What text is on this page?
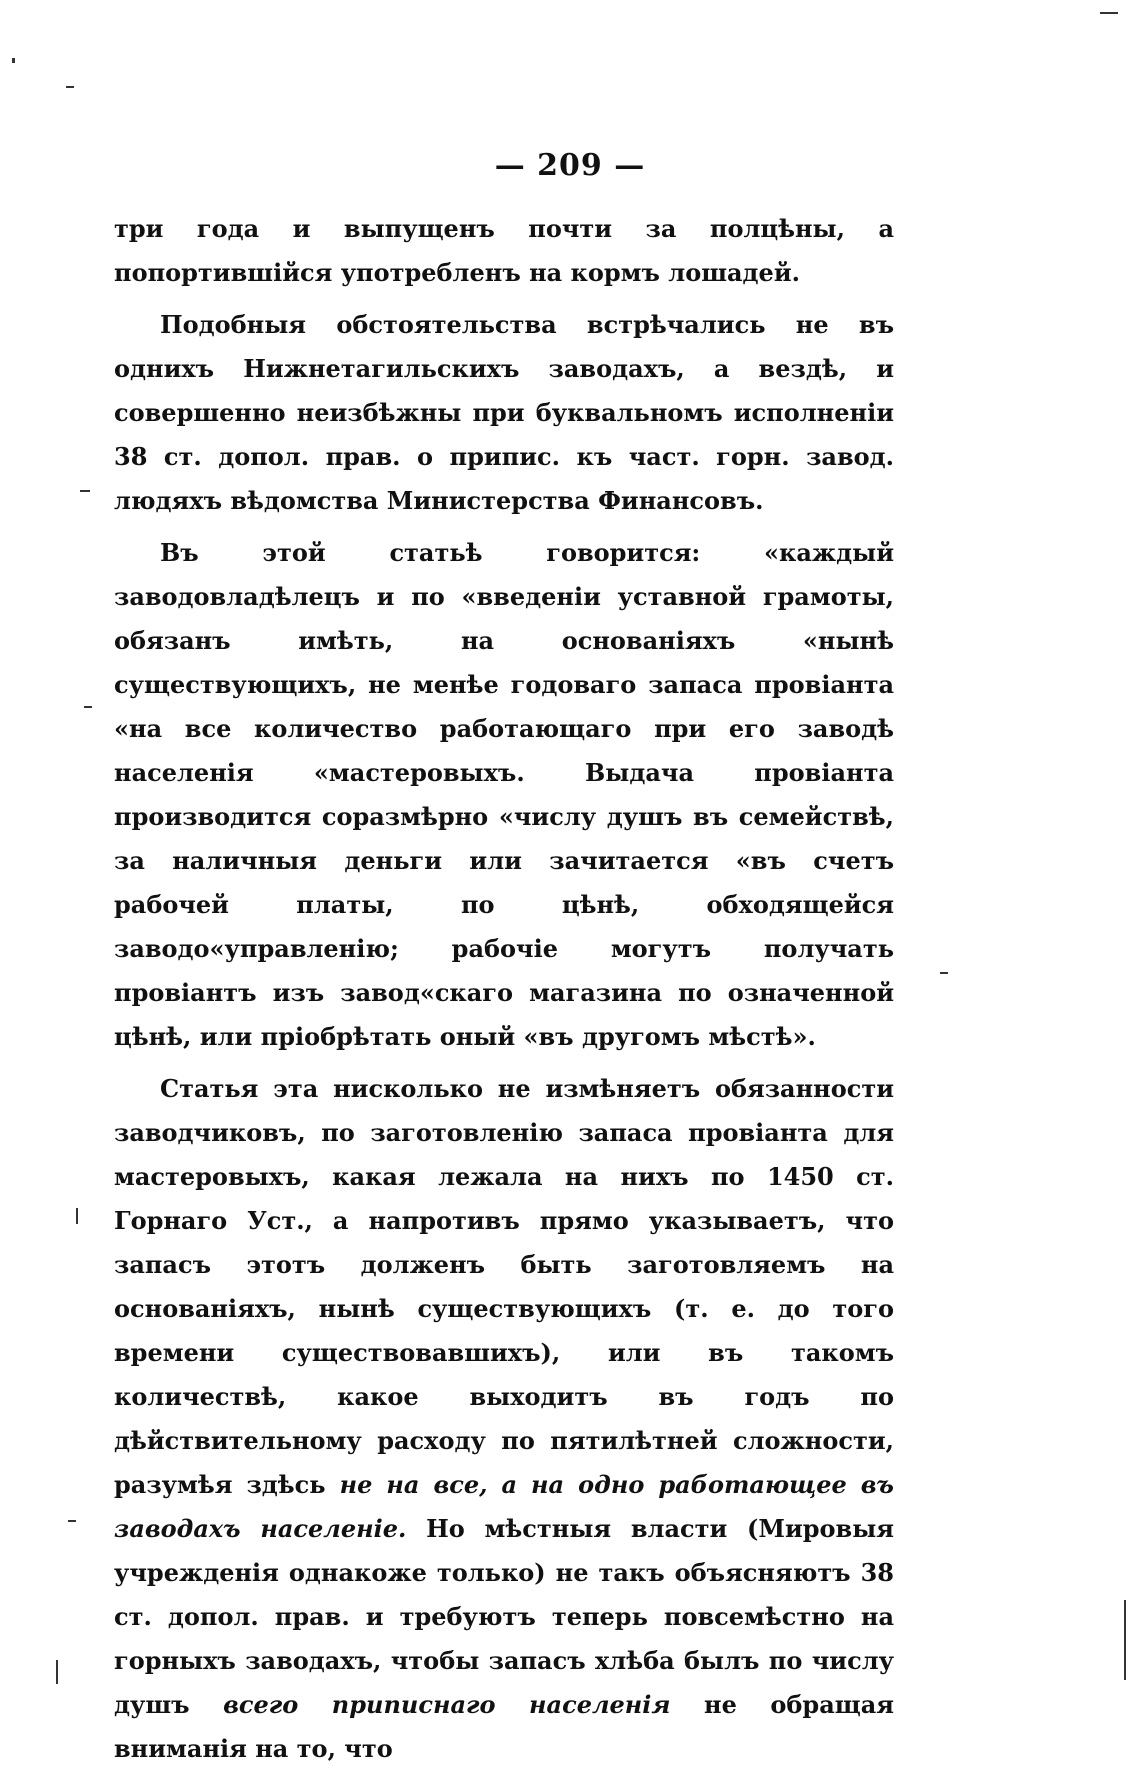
— 209 —

три года и выпущенъ почти за полцѣны, а попортившійся употребленъ на кормъ лошадей.

Подобныя обстоятельства встрѣчались не въ однихъ Нижнетагильскихъ заводахъ, а вездѣ, и совершенно неизбѣжны при буквальномъ исполненіи 38 ст. допол. прав. о припис. къ част. горн. завод. людяхъ вѣдомства Министерства Финансовъ.

Въ этой статьѣ говорится: «каждый заводовладѣлецъ и по «введеніи уставной грамоты, обязанъ имѣть, на основаніяхъ «нынѣ существующихъ, не менѣе годоваго запаса провіанта «на все количество работающаго при его заводѣ населенія «мастеровыхъ. Выдача провіанта производится соразмѣрно «числу душъ въ семействѣ, за наличныя деньги или зачитается «въ счетъ рабочей платы, по цѣнѣ, обходящейся заводо«управленію; рабочіе могутъ получать провіантъ изъ завод«скаго магазина по означенной цѣнѣ, или пріобрѣтать оный «въ другомъ мѣстѣ».

Статья эта нисколько не измѣняетъ обязанности заводчиковъ, по заготовленію запаса провіанта для мастеровыхъ, какая лежала на нихъ по 1450 ст. Горнаго Уст., а напротивъ прямо указываетъ, что запасъ этотъ долженъ быть заготовляемъ на основаніяхъ, нынѣ существующихъ (т. е. до того времени существовавшихъ), или въ такомъ количествѣ, какое выходитъ въ годъ по дѣйствительному расходу по пятилѣтней сложности, разумѣя здѣсь не на все, а на одно работающее въ заводахъ населеніе. Но мѣстныя власти (Мировыя учрежденія однакоже только) не такъ объясняютъ 38 ст. допол. прав. и требуютъ теперь повсемѣстно на горныхъ заводахъ, чтобы запасъ хлѣба былъ по числу душъ всего приписнаго населенія не обращая вниманія на то, что
